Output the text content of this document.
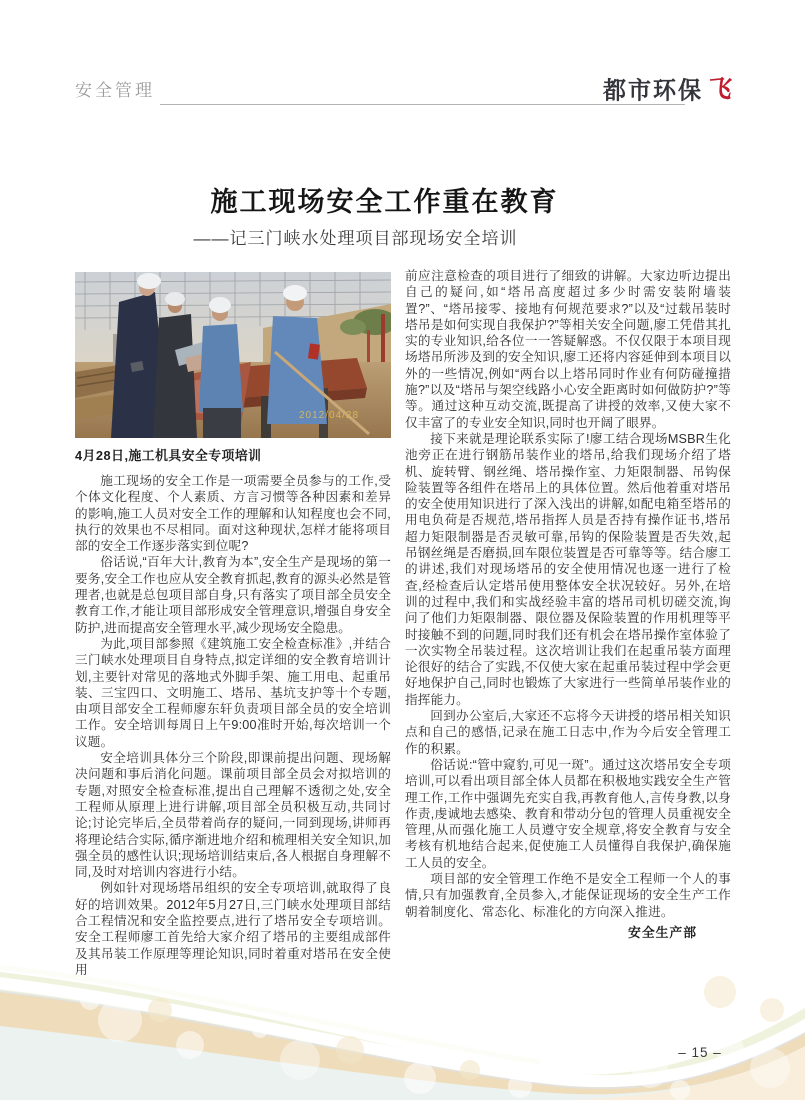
安全管理	都市环保 飞
施工现场安全工作重在教育
——记三门峡水处理项目部现场安全培训
2012/04/28
4月28日,施工机具安全专项培训

施工现场的安全工作是一项需要全员参与的工作,受个体文化程度、个人素质、方言习惯等各种因素和差异的影响,施工人员对安全工作的理解和认知程度也会不同,执行的效果也不尽相同。面对这种现状,怎样才能将项目部的安全工作逐步落实到位呢?

俗话说,“百年大计,教育为本”,安全生产是现场的第一要务,安全工作也应从安全教育抓起,教育的源头必然是管理者,也就是总包项目部自身,只有落实了项目部全员安全教育工作,才能让项目部形成安全管理意识,增强自身安全防护,进而提高安全管理水平,减少现场安全隐患。

为此,项目部参照《建筑施工安全检查标准》,并结合三门峡水处理项目自身特点,拟定详细的安全教育培训计划,主要针对常见的落地式外脚手架、施工用电、起重吊装、三宝四口、文明施工、塔吊、基坑支护等十个专题,由项目部安全工程师廖东轩负责项目部全员的安全培训工作。安全培训每周日上午9:00准时开始,每次培训一个议题。

安全培训具体分三个阶段,即课前提出问题、现场解决问题和事后消化问题。课前项目部全员会对拟培训的专题,对照安全检查标准,提出自己理解不透彻之处,安全工程师从原理上进行讲解,项目部全员积极互动,共同讨论;讨论完毕后,全员带着尚存的疑问,一同到现场,讲师再将理论结合实际,循序渐进地介绍和梳理相关安全知识,加强全员的感性认识;现场培训结束后,各人根据自身理解不同,及时对培训内容进行小结。

例如针对现场塔吊组织的安全专项培训,就取得了良好的培训效果。2012年5月27日,三门峡水处理项目部结合工程情况和安全监控要点,进行了塔吊安全专项培训。安全工程师廖工首先给大家介绍了塔吊的主要组成部件及其吊装工作原理等理论知识,同时着重对塔吊在安全使用

前应注意检查的项目进行了细致的讲解。大家边听边提出自己的疑问,如“塔吊高度超过多少时需安装附墙装置?”、“塔吊接零、接地有何规范要求?”以及“过载吊装时塔吊是如何实现自我保护?”等相关安全问题,廖工凭借其扎实的专业知识,给各位一一答疑解惑。不仅仅限于本项目现场塔吊所涉及到的安全知识,廖工还将内容延伸到本项目以外的一些情况,例如“两台以上塔吊同时作业有何防碰撞措施?”以及“塔吊与架空线路小心安全距离时如何做防护?”等等。通过这种互动交流,既提高了讲授的效率,又使大家不仅丰富了的专业安全知识,同时也开阔了眼界。

接下来就是理论联系实际了!廖工结合现场MSBR生化池旁正在进行钢筋吊装作业的塔吊,给我们现场介绍了塔机、旋转臂、钢丝绳、塔吊操作室、力矩限制器、吊钩保险装置等各组件在塔吊上的具体位置。然后他着重对塔吊的安全使用知识进行了深入浅出的讲解,如配电箱至塔吊的用电负荷是否规范,塔吊指挥人员是否持有操作证书,塔吊超力矩限制器是否灵敏可靠,吊钩的保险装置是否失效,起吊钢丝绳是否磨损,回车限位装置是否可靠等等。结合廖工的讲述,我们对现场塔吊的安全使用情况也逐一进行了检查,经检查后认定塔吊使用整体安全状况较好。另外,在培训的过程中,我们和实战经验丰富的塔吊司机切磋交流,询问了他们力矩限制器、限位器及保险装置的作用机理等平时接触不到的问题,同时我们还有机会在塔吊操作室体验了一次实物全吊装过程。这次培训让我们在起重吊装方面理论很好的结合了实践,不仅使大家在起重吊装过程中学会更好地保护自己,同时也锻炼了大家进行一些简单吊装作业的指挥能力。

回到办公室后,大家还不忘将今天讲授的塔吊相关知识点和自己的感悟,记录在施工日志中,作为今后安全管理工作的积累。

俗话说:“管中窥豹,可见一斑”。通过这次塔吊安全专项培训,可以看出项目部全体人员都在积极地实践安全生产管理工作,工作中强调先充实自我,再教育他人,言传身教,以身作责,虔诚地去感染、教育和带动分包的管理人员重视安全管理,从而强化施工人员遵守安全规章,将安全教育与安全考核有机地结合起来,促使施工人员懂得自我保护,确保施工人员的安全。

项目部的安全管理工作绝不是安全工程师一个人的事情,只有加强教育,全员参入,才能保证现场的安全生产工作朝着制度化、常态化、标准化的方向深入推进。

安全生产部
– 15 –
